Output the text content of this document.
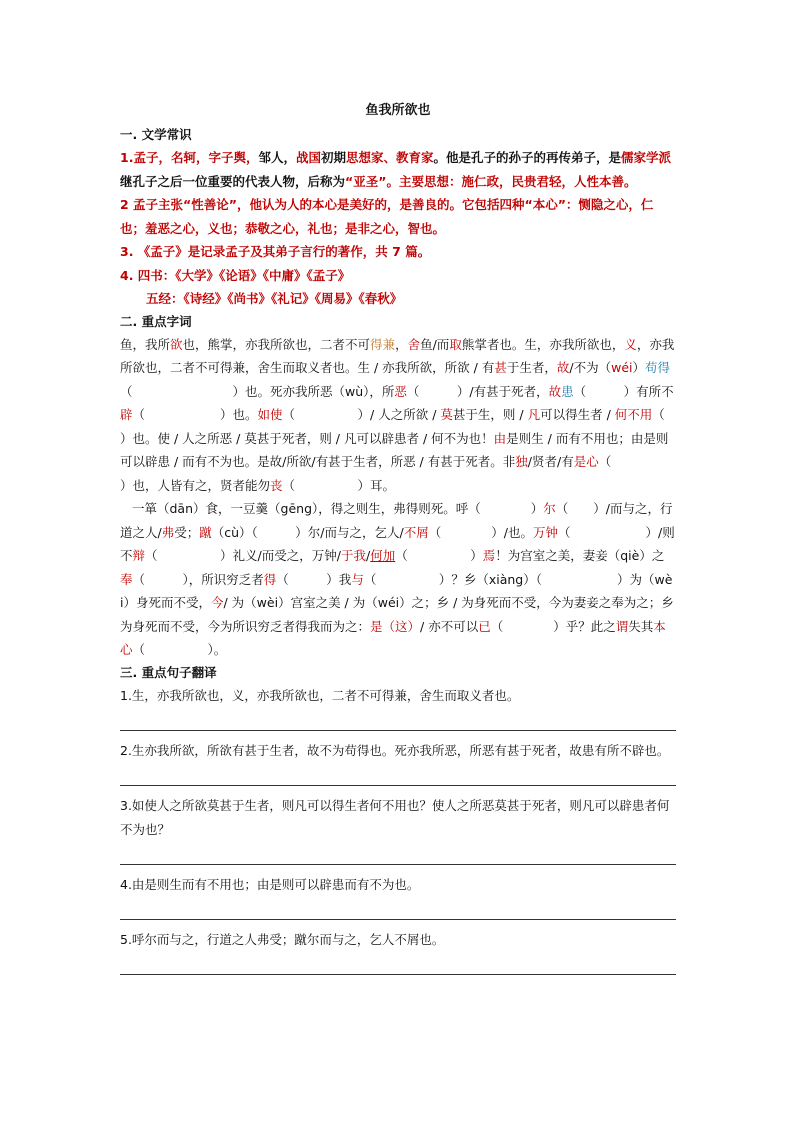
鱼我所欲也
一. 文学常识

1.孟子，名轲，字子舆，邹人，战国初期思想家、教育家。他是孔子的孙子的再传弟子，是儒家学派继孔子之后一位重要的代表人物，后称为“亚圣”。主要思想：施仁政，民贵君轻，人性本善。

2 孟子主张“性善论”，他认为人的本心是美好的，是善良的。它包括四种“本心”：恻隐之心，仁也；羞恶之心，义也；恭敬之心，礼也；是非之心，智也。

3. 《孟子》是记录孟子及其弟子言行的著作，共 7 篇。

4. 四书：《大学》《论语》《中庸》《孟子》

五经：《诗经》《尚书》《礼记》《周易》《春秋》

二. 重点字词

鱼，我所欲也，熊掌，亦我所欲也，二者不可得兼，舍鱼/而取熊掌者也。生，亦我所欲也，义，亦我所欲也，二者不可得兼，舍生而取义者也。生 / 亦我所欲，所欲 / 有甚于生者，故/不为（wéi）苟得（　　　　　　　　）也。死亦我所恶（wù），所恶（　　　）/有甚于死者，故患（　　　）有所不辟（　　　　　　）也。如使（　　　　　）/ 人之所欲 / 莫甚于生，则 / 凡可以得生者 / 何不用（　　　　　　）也。使 / 人之所恶 / 莫甚于死者，则 / 凡可以辟患者 / 何不为也！由是则生 / 而有不用也；由是则可以辟患 / 而有不为也。是故/所欲/有甚于生者，所恶 / 有甚于死者。非独/贤者/有是心（　　　　　）也，人皆有之，贤者能勿丧（　　　　　）耳。

一箪（dān）食，一豆羹（gēng），得之则生，弗得则死。呼（　　　　）尔（　　）/而与之，行道之人/弗受；蹴（cù）（　　　）尔/而与之，乞人/不屑（　　　　）/也。万钟（　　　　　　）/则不辩（　　　　　）礼义/而受之，万钟/于我/何加（　　　　　）焉！为宫室之美，妻妾（qiè）之奉（　　　），所识穷乏者得（　　　）我与（　　　　　）？乡（xiàng）（　　　　　　）为（wèi）身死而不受，今/ 为（wèi）宫室之美 / 为（wéi）之；乡 / 为身死而不受，今为妻妾之奉为之；乡为身死而不受，今为所识穷乏者得我而为之：是（这）/ 亦不可以已（　　　　）乎？此之谓失其本心（　　　　　）。

三. 重点句子翻译

1.生，亦我所欲也，义，亦我所欲也，二者不可得兼，舍生而取义者也。

2.生亦我所欲，所欲有甚于生者，故不为苟得也。死亦我所恶，所恶有甚于死者，故患有所不辟也。

3.如使人之所欲莫甚于生者，则凡可以得生者何不用也？使人之所恶莫甚于死者，则凡可以辟患者何不为也？

4.由是则生而有不用也；由是则可以辟患而有不为也。

5.呼尔而与之，行道之人弗受；蹴尔而与之，乞人不屑也。
